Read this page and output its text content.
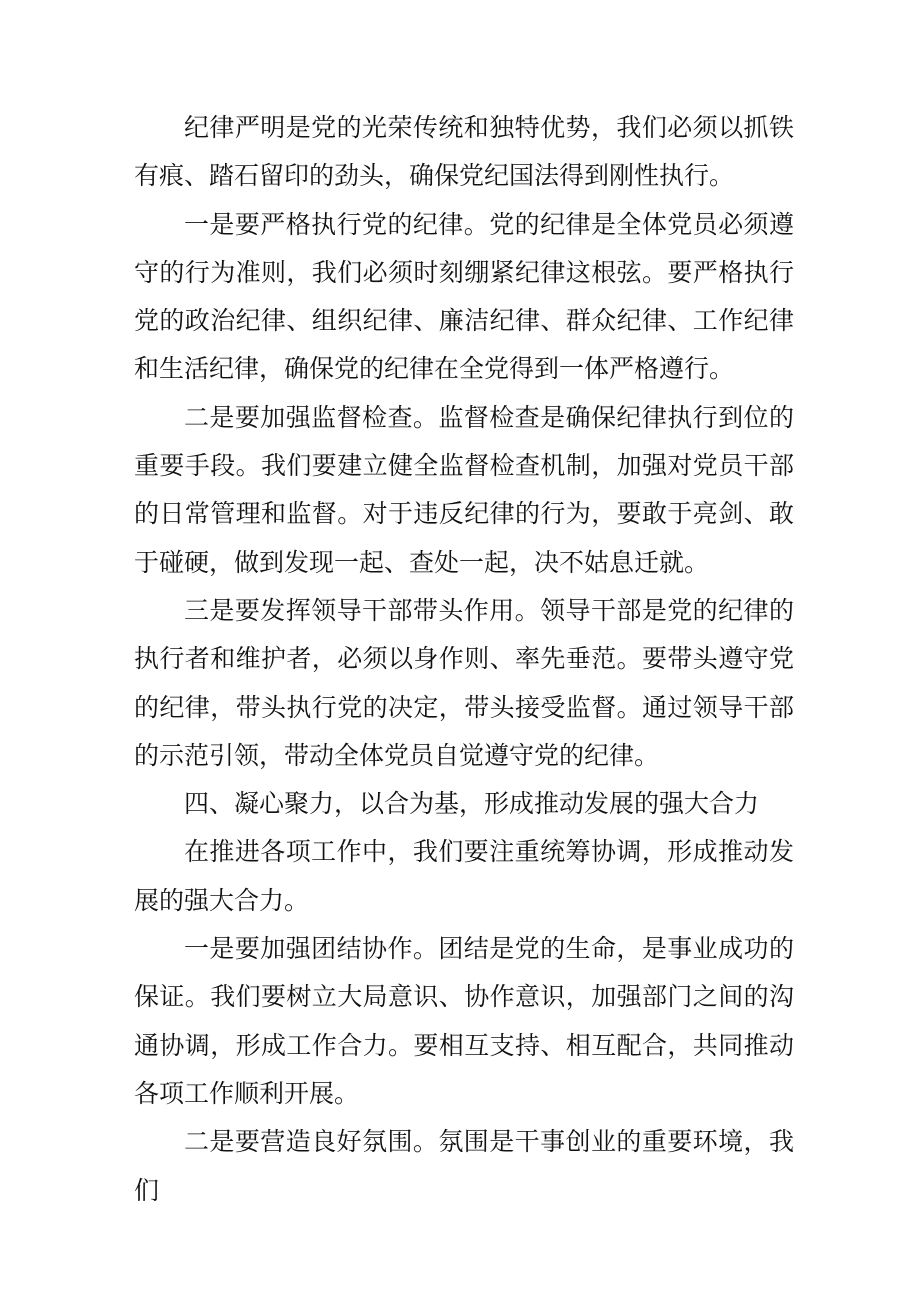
纪律严明是党的光荣传统和独特优势，我们必须以抓铁有痕、踏石留印的劲头，确保党纪国法得到刚性执行。

一是要严格执行党的纪律。党的纪律是全体党员必须遵守的行为准则，我们必须时刻绷紧纪律这根弦。要严格执行党的政治纪律、组织纪律、廉洁纪律、群众纪律、工作纪律和生活纪律，确保党的纪律在全党得到一体严格遵行。

二是要加强监督检查。监督检查是确保纪律执行到位的重要手段。我们要建立健全监督检查机制，加强对党员干部的日常管理和监督。对于违反纪律的行为，要敢于亮剑、敢于碰硬，做到发现一起、查处一起，决不姑息迁就。

三是要发挥领导干部带头作用。领导干部是党的纪律的执行者和维护者，必须以身作则、率先垂范。要带头遵守党的纪律，带头执行党的决定，带头接受监督。通过领导干部的示范引领，带动全体党员自觉遵守党的纪律。

四、凝心聚力，以合为基，形成推动发展的强大合力

在推进各项工作中，我们要注重统筹协调，形成推动发展的强大合力。

一是要加强团结协作。团结是党的生命，是事业成功的保证。我们要树立大局意识、协作意识，加强部门之间的沟通协调，形成工作合力。要相互支持、相互配合，共同推动各项工作顺利开展。

二是要营造良好氛围。氛围是干事创业的重要环境，我们
